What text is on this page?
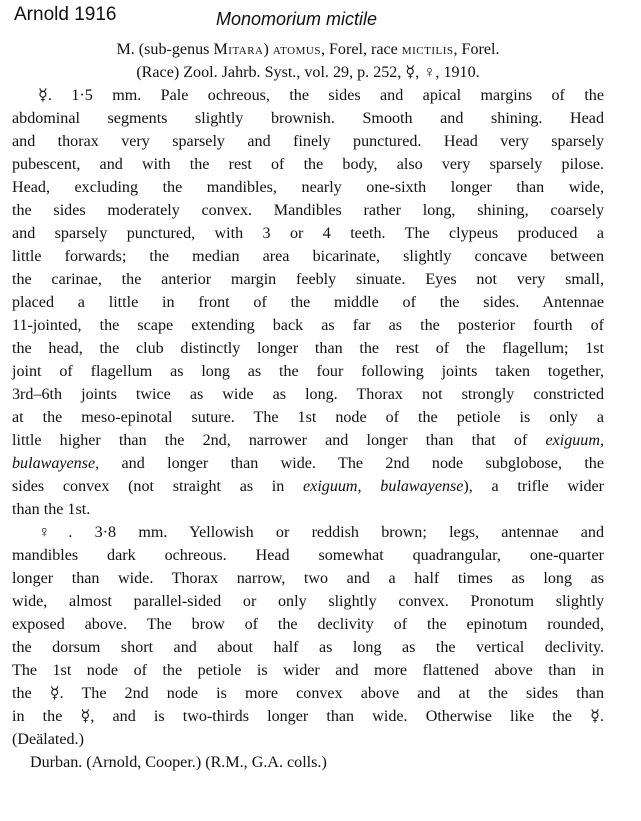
Arnold 1916	Monomorium mictile
M. (sub-genus Mitara) atomus, Forel, race mictilis, Forel.
(Race) Zool. Jahrb. Syst., vol. 29, p. 252, ☿, ♀, 1910.
☿. 1·5 mm. Pale ochreous, the sides and apical margins of the
abdominal segments slightly brownish. Smooth and shining. Head
and thorax very sparsely and finely punctured. Head very sparsely
pubescent, and with the rest of the body, also very sparsely pilose.
Head, excluding the mandibles, nearly one-sixth longer than wide,
the sides moderately convex. Mandibles rather long, shining, coarsely
and sparsely punctured, with 3 or 4 teeth. The clypeus produced a
little forwards; the median area bicarinate, slightly concave between
the carinae, the anterior margin feebly sinuate. Eyes not very small,
placed a little in front of the middle of the sides. Antennae
11-jointed, the scape extending back as far as the posterior fourth of
the head, the club distinctly longer than the rest of the flagellum; 1st
joint of flagellum as long as the four following joints taken together,
3rd–6th joints twice as wide as long. Thorax not strongly constricted
at the meso-epinotal suture. The 1st node of the petiole is only a
little higher than the 2nd, narrower and longer than that of exiguum,
bulawayense, and longer than wide. The 2nd node subglobose, the
sides convex (not straight as in exiguum, bulawayense), a trifle wider
than the 1st.
♀. 3·8 mm. Yellowish or reddish brown; legs, antennae and
mandibles dark ochreous. Head somewhat quadrangular, one-quarter
longer than wide. Thorax narrow, two and a half times as long as
wide, almost parallel-sided or only slightly convex. Pronotum slightly
exposed above. The brow of the declivity of the epinotum rounded,
the dorsum short and about half as long as the vertical declivity.
The 1st node of the petiole is wider and more flattened above than in
the ☿. The 2nd node is more convex above and at the sides than
in the ☿, and is two-thirds longer than wide. Otherwise like the ☿.
(Deälated.)
Durban. (Arnold, Cooper.) (R.M., G.A. colls.)
